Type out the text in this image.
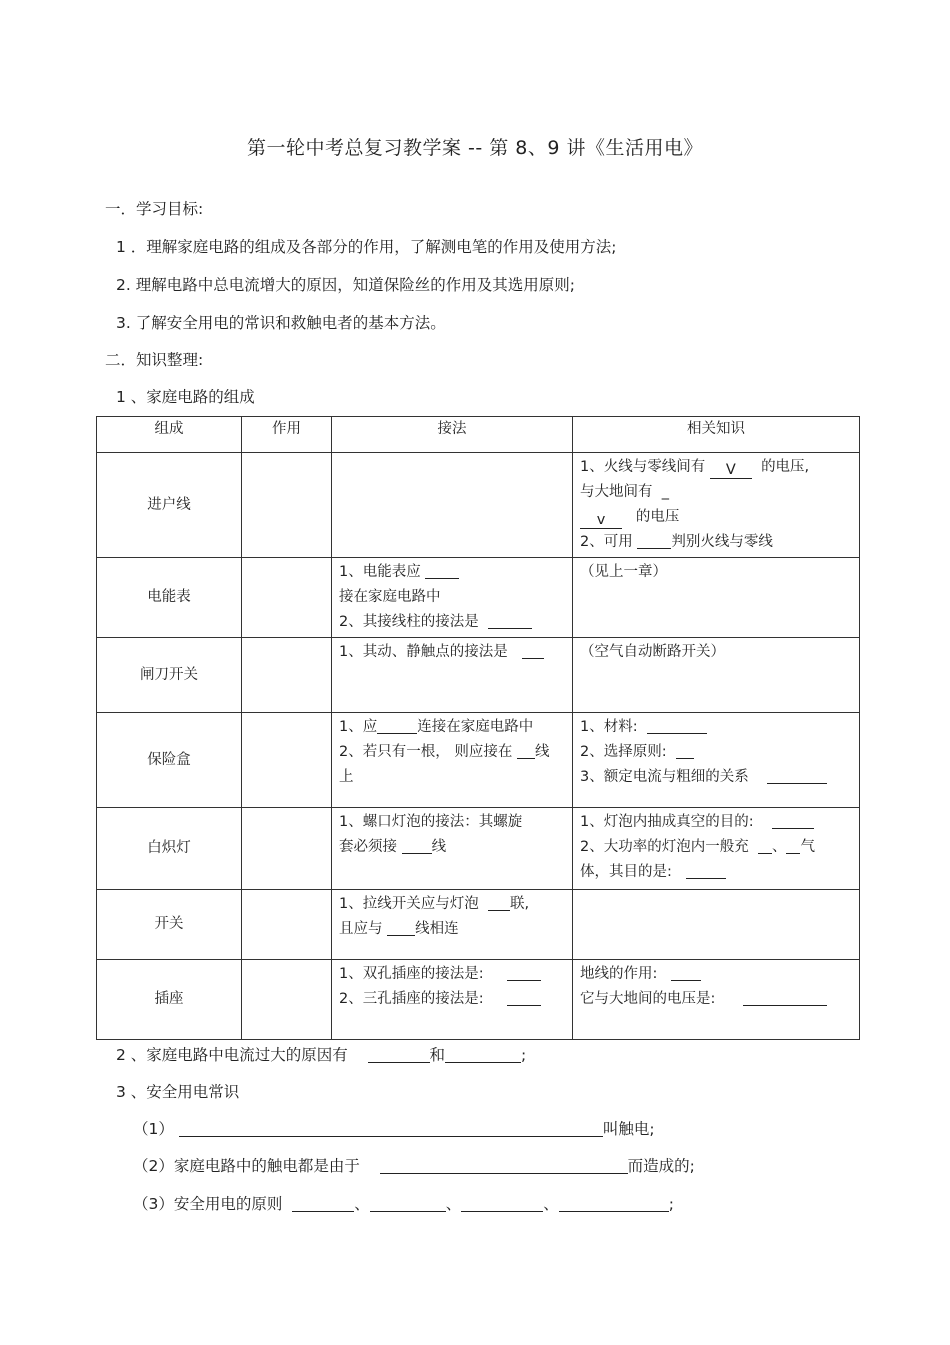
第一轮中考总复习教学案 -- 第 8、9 讲《生活用电》
一．学习目标:
1 ．理解家庭电路的组成及各部分的作用，了解测电笔的作用及使用方法;
2. 理解电路中总电流增大的原因，知道保险丝的作用及其选用原则;
3. 了解安全用电的常识和救触电者的基本方法。
二．知识整理:
1 、家庭电路的组成
组成	作用	接法	相关知识
进户线			1、火线与零线间有 V 的电压,
与大地间有 _
v 的电压
2、可用 判别火线与零线

电能表		1、电能表应
接在家庭电路中
2、其接线柱的接法是	（见上一章）

闸刀开关		1、其动、静触点的接法是	（空气自动断路开关）

保险盒		1、应 连接在家庭电路中
2、若只有一根， 则应接在 线
上	1、材料:
2、选择原则:
3、额定电流与粗细的关系

白炽灯		1、螺口灯泡的接法：其螺旋
套必须接 线	1、灯泡内抽成真空的目的:
2、大功率的灯泡内一般充 、 气
体，其目的是:

开关		1、拉线开关应与灯泡 联,
且应与 线相连	

插座		1、双孔插座的接法是:
2、三孔插座的接法是:	地线的作用:
它与大地间的电压是:
2 、家庭电路中电流过大的原因有	和	;
3 、安全用电常识
（1）	叫触电;
（2）家庭电路中的触电都是由于	而造成的;
（3）安全用电的原则	、	、	、	;
